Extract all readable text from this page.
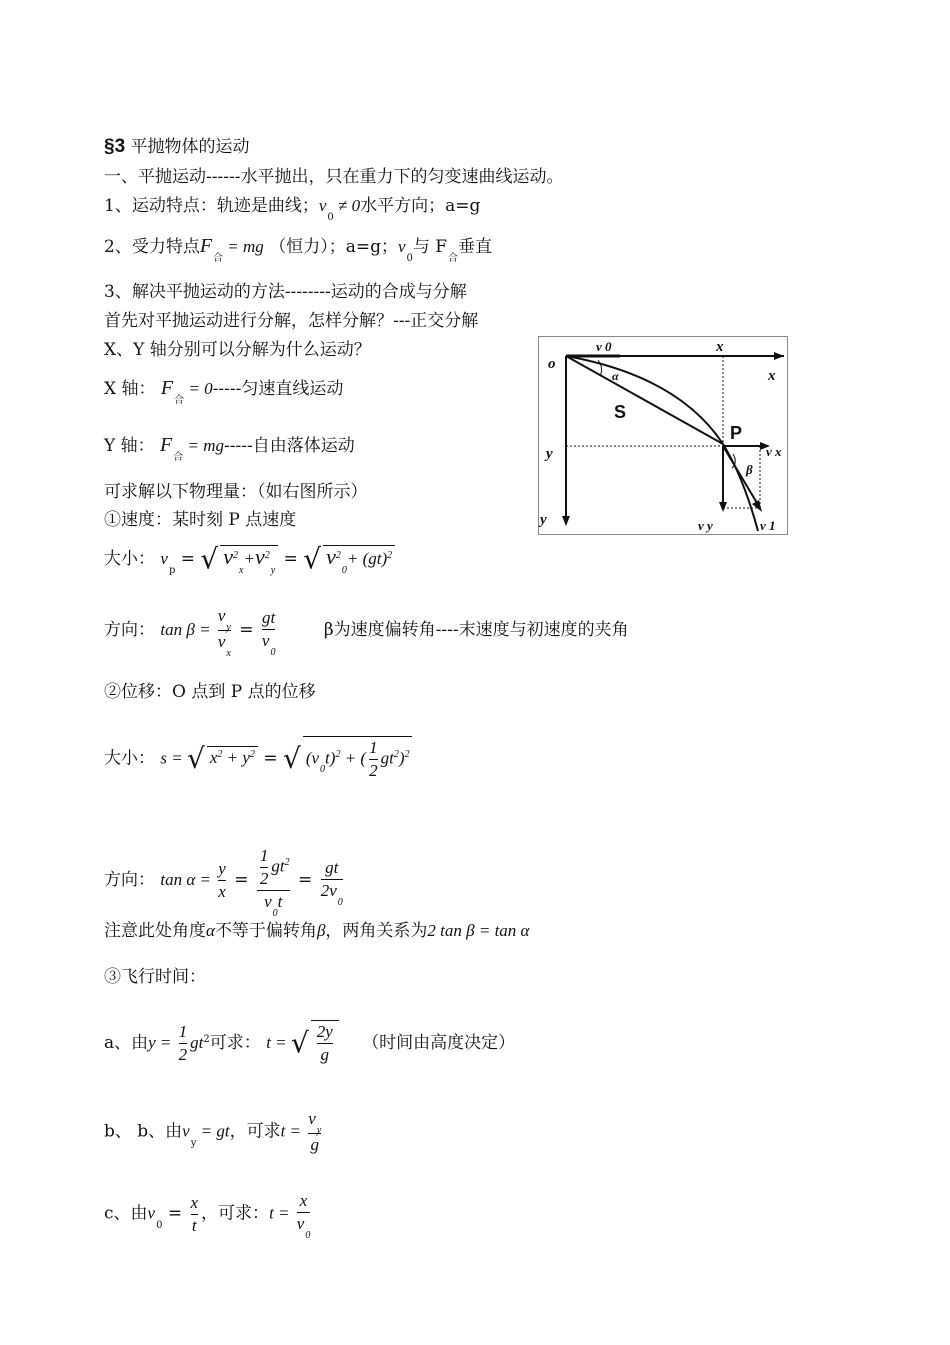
§3 平抛物体的运动
一、平抛运动------水平抛出，只在重力下的匀变速曲线运动。
1、运动特点：轨迹是曲线；$v_0 \ne 0$水平方向；a=g
2、受力特点$F_合$ = mg （恒力）；a=g；$v_0$与 $F_合$垂直
3、解决平抛运动的方法--------运动的合成与分解
首先对平抛运动进行分解，怎样分解？---正交分解
X、Y 轴分别可以分解为什么运动？
X 轴： $F_合 = 0-----$匀速直线运动
Y 轴： $F_合 = mg-----$自由落体运动
可求解以下物理量：（如右图所示）
①速度：某时刻 P 点速度
大小： $v_p$ = √ $v^2_x+v^2_y$ = √ $v^2_0+ (gt)^2$
方向： $\tan \beta = \frac{v_y}{v_x} = \frac{gt}{v_0}$	β为速度偏转角----末速度与初速度的夹角
②位移：O 点到 P 点的位移
大小： s = √ $x^2 + y^2$ = √ $(v_0t)^2$ + ( $\frac{1}{2} gt^2)^2$
方向： $\tan \alpha = \frac{y}{x} = \frac{\frac{1}{2} gt^2}{v_0t} = \frac{gt}{2v_0}$
注意此处角度α不等于偏转角β，两角关系为2 tan β = tan α
③飞行时间：
a、由$y = \frac{1}{2} gt^2$可求： t = √ $\frac{2y}{g}$ （时间由高度决定）
b、 b、由$v_y$ = gt，可求$t = \frac{v_y}{g}$
c、由$v_0 = \frac{x}{t}$ ，可求：$t = \frac{x}{v_0}$
o
v 0	x
x
α
S
P
v x
y
β
y	v y	v 1
